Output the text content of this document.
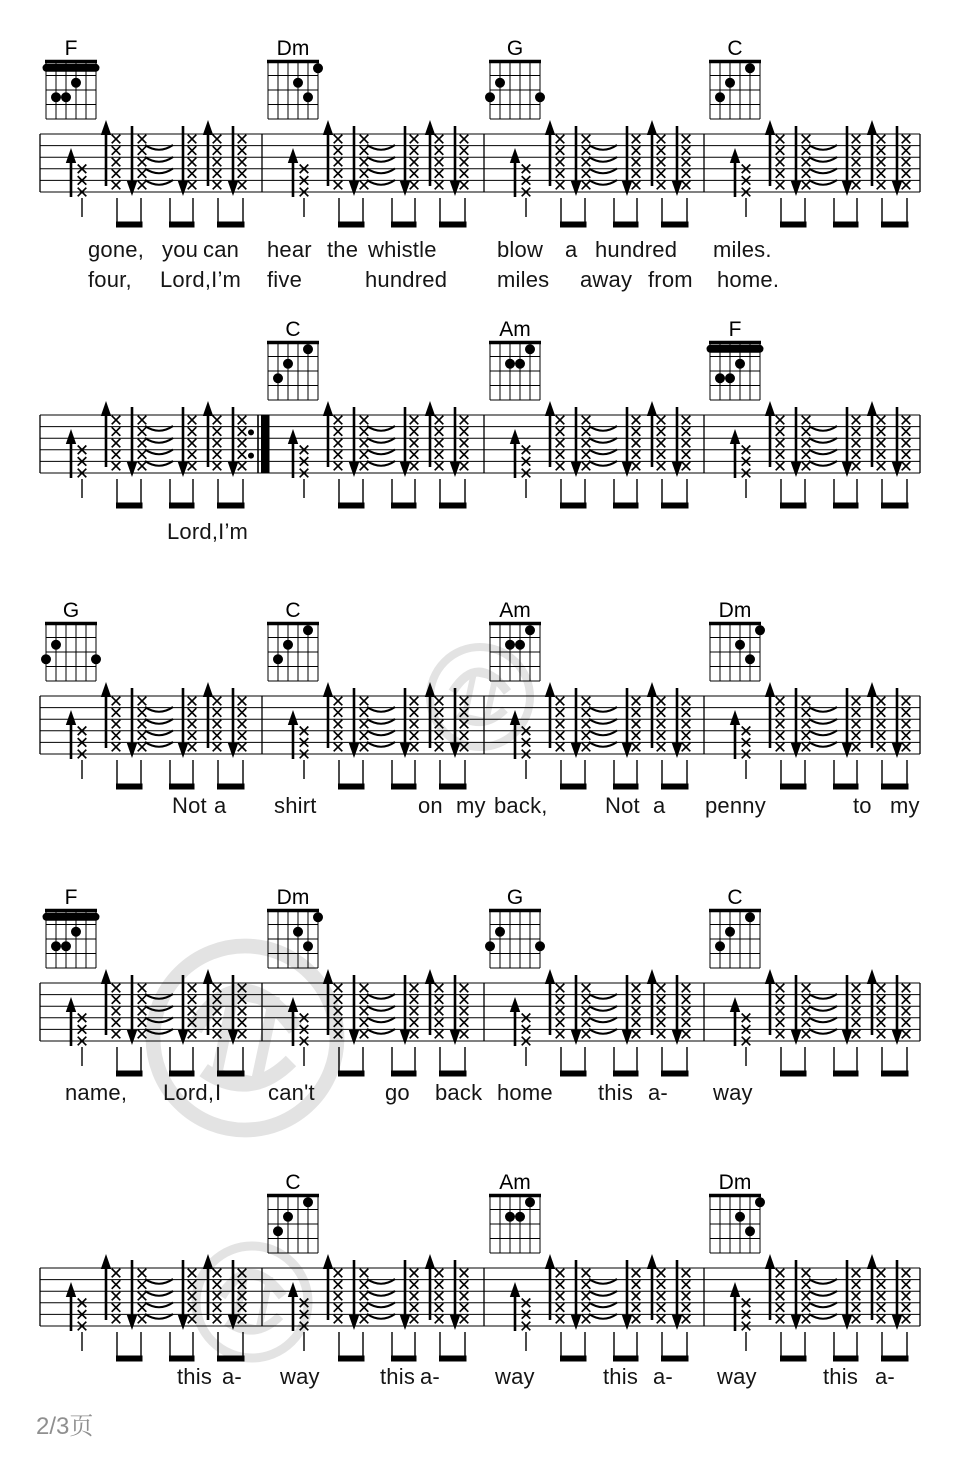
F	Dm	G	C
C	Am	F
G	C	Am	Dm
F	Dm	G	C
C	Am	Dm
2/3页
gone, you can hear the whistle	blow a hundred miles.
four, Lord,I’m five	hundred miles away from home.
Lord,I’m
Not a shirt	on my back,	Not a penny	to my
name, Lord, I can't	go back home this a- way
this a- way	this a-	way	this a- way	this a-
